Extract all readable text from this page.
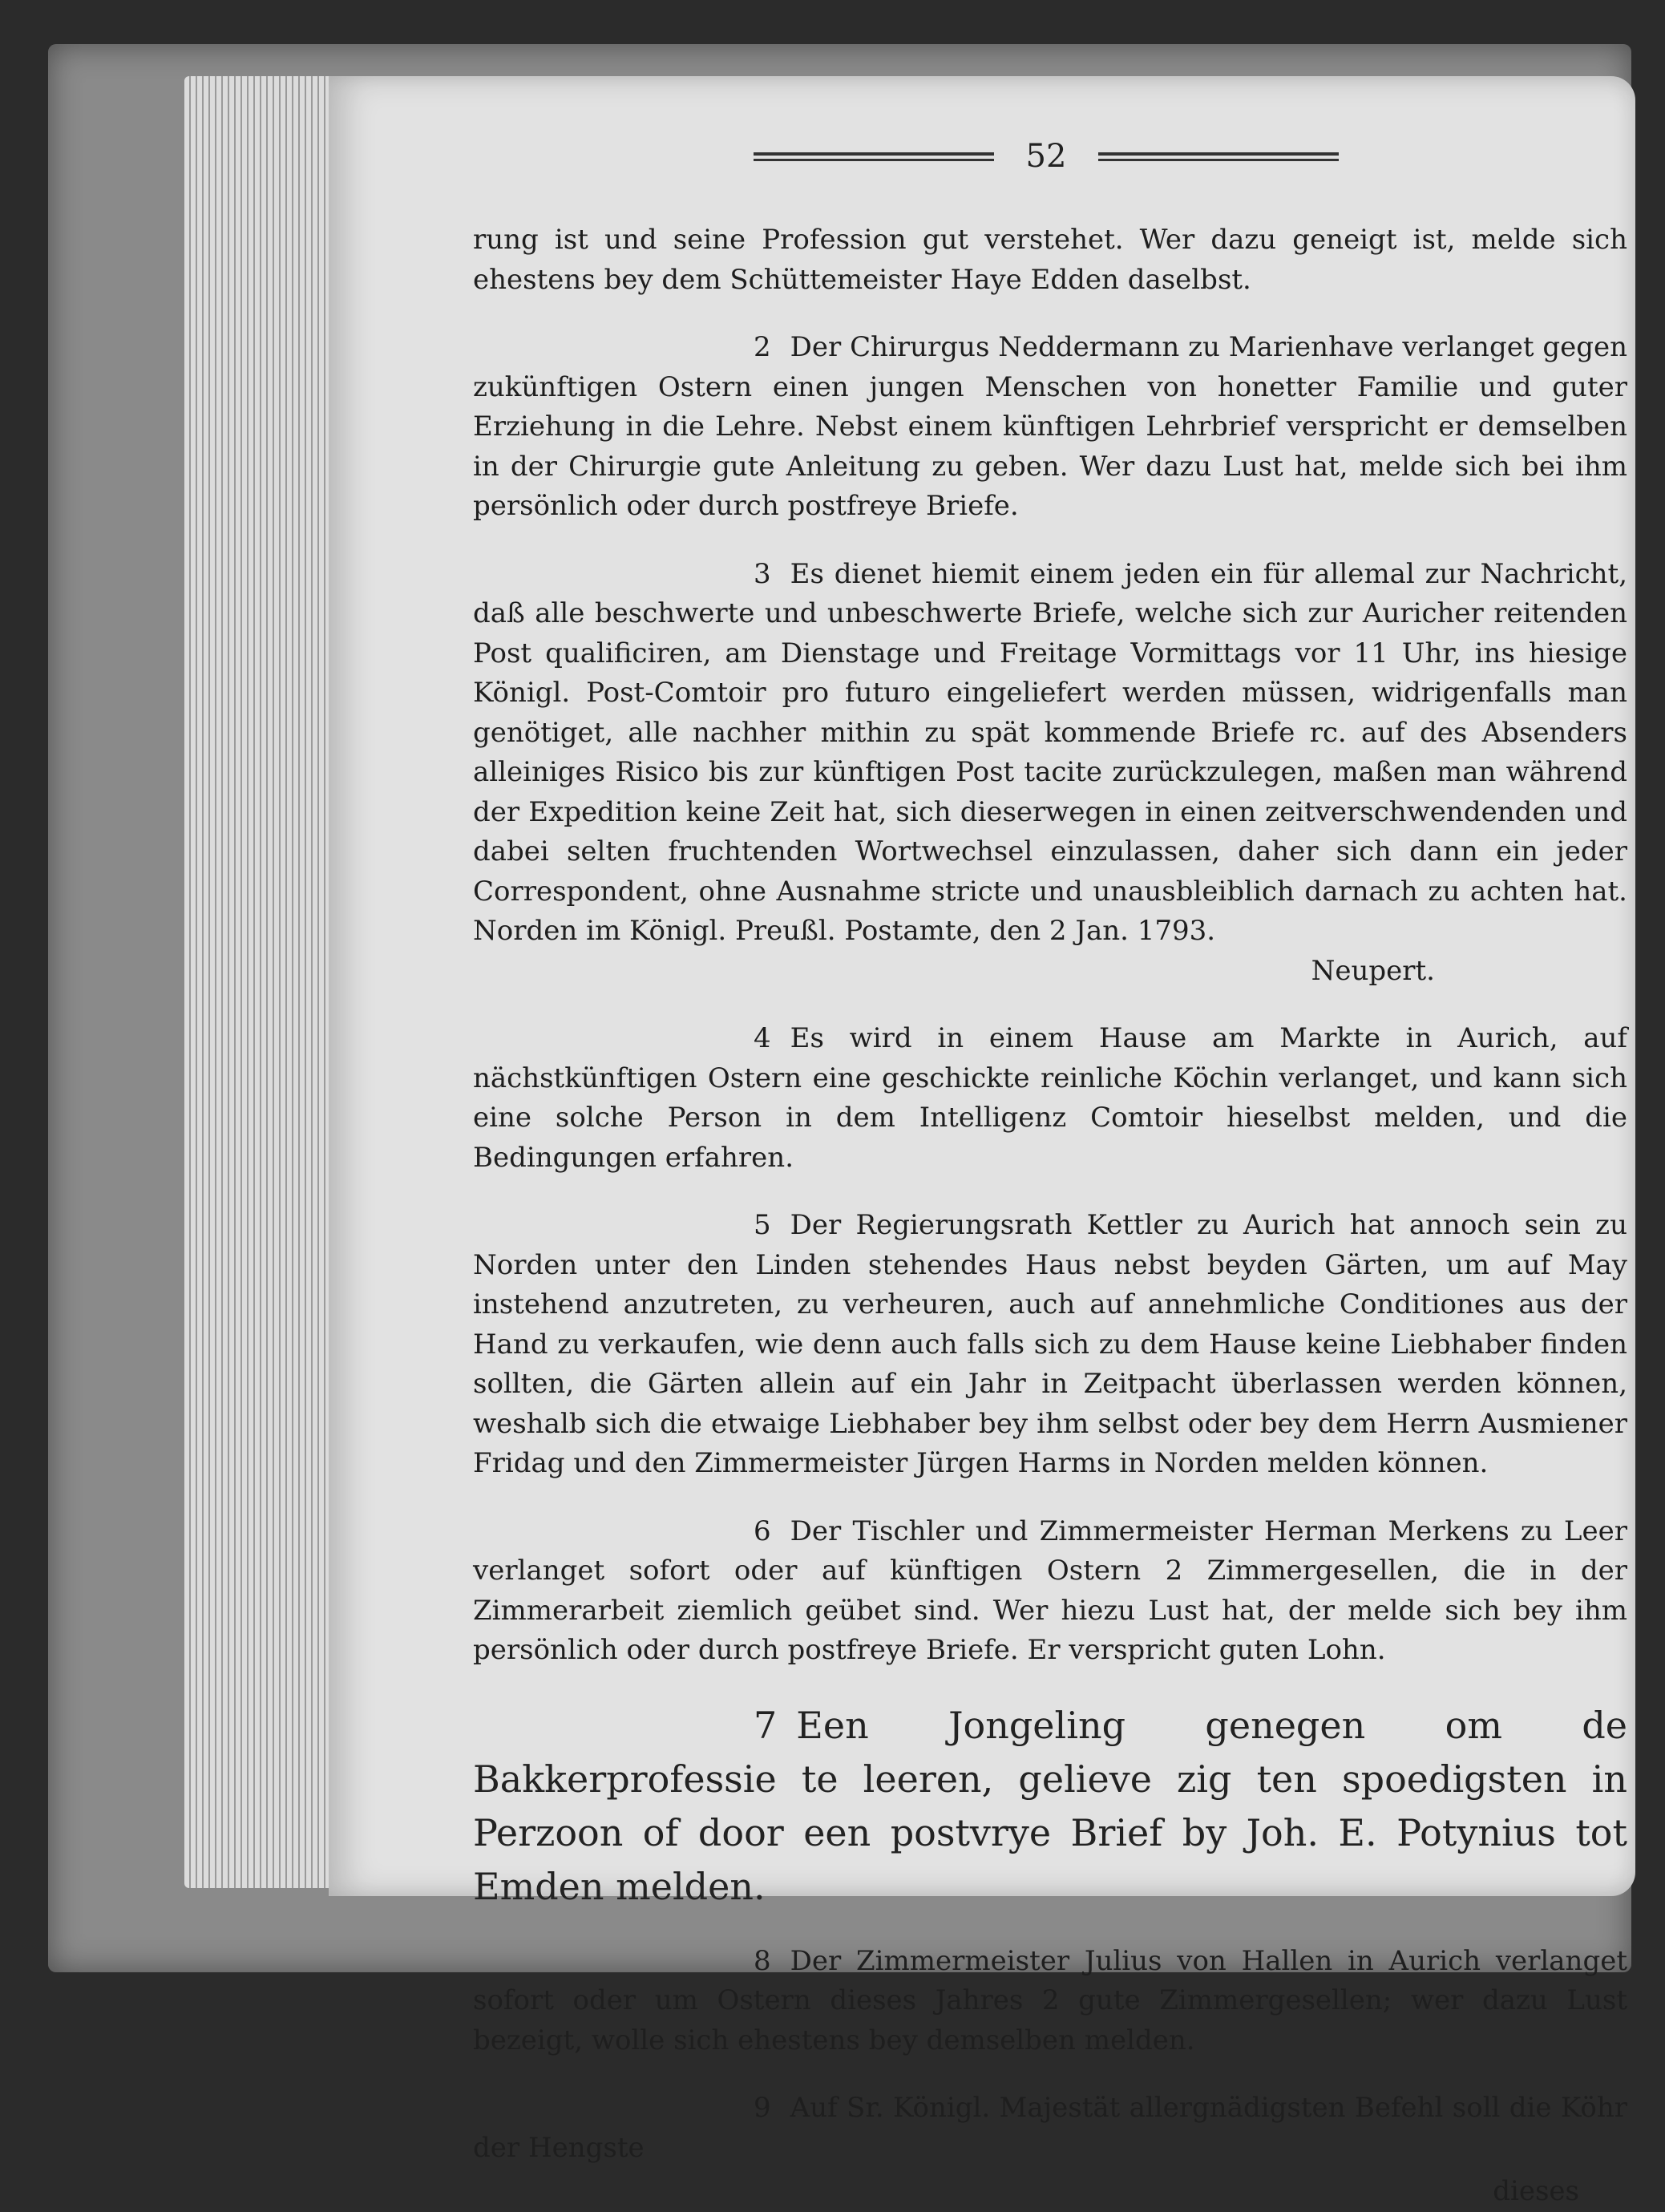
52

rung ist und seine Profession gut verstehet. Wer dazu geneigt ist, melde sich ehestens bey dem Schüttemeister Haye Edden daselbst.

2 Der Chirurgus Neddermann zu Marienhave verlanget gegen zukünftigen Ostern einen jungen Menschen von honetter Familie und guter Erziehung in die Lehre. Nebst einem künftigen Lehrbrief verspricht er demselben in der Chirurgie gute Anleitung zu geben. Wer dazu Lust hat, melde sich bei ihm persönlich oder durch postfreye Briefe.

3 Es dienet hiemit einem jeden ein für allemal zur Nachricht, daß alle beschwerte und unbeschwerte Briefe, welche sich zur Auricher reitenden Post qualificiren, am Dienstage und Freitage Vormittags vor 11 Uhr, ins hiesige Königl. Post-Comtoir pro futuro eingeliefert werden müssen, widrigenfalls man genötiget, alle nachher mithin zu spät kommende Briefe rc. auf des Absenders alleiniges Risico bis zur künftigen Post tacite zurückzulegen, maßen man während der Expedition keine Zeit hat, sich dieserwegen in einen zeitverschwendenden und dabei selten fruchtenden Wortwechsel einzulassen, daher sich dann ein jeder Correspondent, ohne Ausnahme stricte und unausbleiblich darnach zu achten hat. Norden im Königl. Preußl. Postamte, den 2 Jan. 1793.

Neupert.

4 Es wird in einem Hause am Markte in Aurich, auf nächstkünftigen Ostern eine geschickte reinliche Köchin verlanget, und kann sich eine solche Person in dem Intelligenz Comtoir hieselbst melden, und die Bedingungen erfahren.

5 Der Regierungsrath Kettler zu Aurich hat annoch sein zu Norden unter den Linden stehendes Haus nebst beyden Gärten, um auf May instehend anzutreten, zu verheuren, auch auf annehmliche Conditiones aus der Hand zu verkaufen, wie denn auch falls sich zu dem Hause keine Liebhaber finden sollten, die Gärten allein auf ein Jahr in Zeitpacht überlassen werden können, weshalb sich die etwaige Liebhaber bey ihm selbst oder bey dem Herrn Ausmiener Fridag und den Zimmermeister Jürgen Harms in Norden melden können.

6 Der Tischler und Zimmermeister Herman Merkens zu Leer verlanget sofort oder auf künftigen Ostern 2 Zimmergesellen, die in der Zimmerarbeit ziemlich geübet sind. Wer hiezu Lust hat, der melde sich bey ihm persönlich oder durch postfreye Briefe. Er verspricht guten Lohn.

7 Een Jongeling genegen om de Bakkerprofessie te leeren, gelieve zig ten spoedigsten in Perzoon of door een postvrye Brief by Joh. E. Potynius tot Emden melden.

8 Der Zimmermeister Julius von Hallen in Aurich verlanget sofort oder um Ostern dieses Jahres 2 gute Zimmergesellen; wer dazu Lust bezeigt, wolle sich ehestens bey demselben melden.

9 Auf Sr. Königl. Majestät allergnädigsten Befehl soll die Köhr der Hengste

dieses
